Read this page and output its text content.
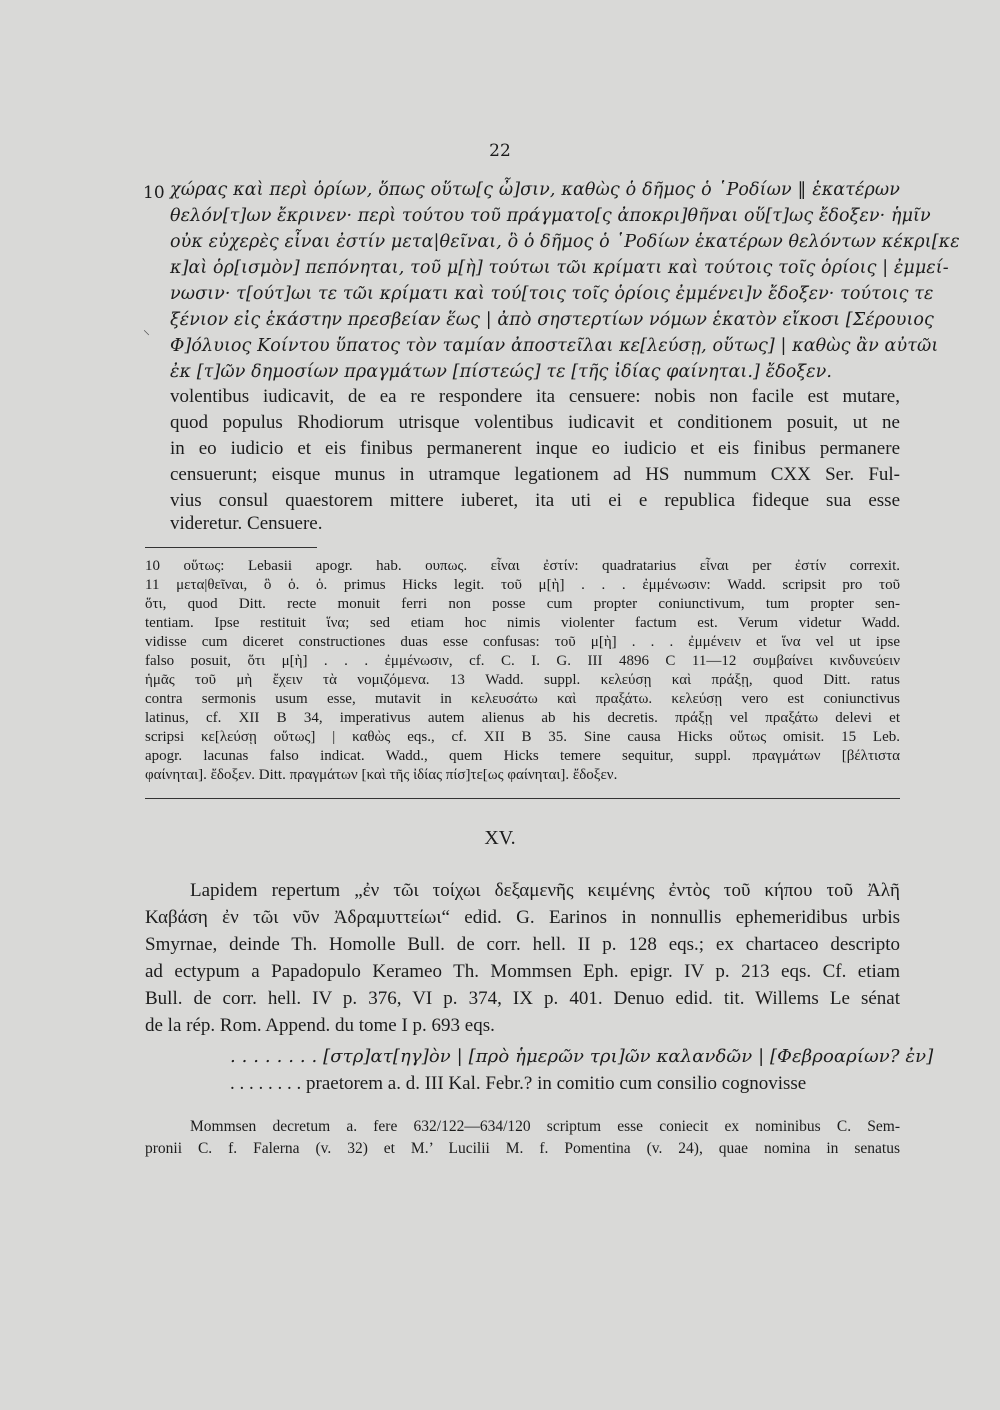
22
⸌
10 χώρας καὶ περὶ ὁρίων, ὅπως οὕτω[ς ὦ]σιν, καθὼς ὁ δῆμος ὁ ῾Ροδίων ‖ ἑκατέρων
θελόν[τ]ων ἔκρινεν· περὶ τούτου τοῦ πράγματο[ς ἀποκρι]θῆναι οὕ[τ]ως ἔδοξεν· ἡμῖν
οὐκ εὐχερὲς εἶναι ἐστίν μετα|θεῖναι, ὃ ὁ δῆμος ὁ ῾Ροδίων ἑκατέρων θελόντων κέκρι[κε
κ]αὶ ὁρ[ισμὸν] πεπόνηται, τοῦ μ[ὴ] τούτωι τῶι κρίματι καὶ τούτοις τοῖς ὁρίοις | ἐμμεί-
νωσιν· τ[ούτ]ωι τε τῶι κρίματι καὶ τού[τοις τοῖς ὁρίοις ἐμμένει]ν ἔδοξεν· τούτοις τε
ξένιον εἰς ἑκάστην πρεσβείαν ἕως | ἀπὸ σηστερτίων νόμων ἑκατὸν εἴκοσι [Σέρουιος
Φ]όλυιος Κοίντου ὕπατος τὸν ταμίαν ἀποστεῖλαι κε[λεύσῃ, οὕτως] | καθὼς ἂν αὐτῶι
ἐκ [τ]ῶν δημοσίων πραγμάτων [πίστεώς] τε [τῆς ἰδίας φαίνηται.] ἔδοξεν.
volentibus iudicavit, de ea re respondere ita censuere: nobis non facile est mutare,
quod populus Rhodiorum utrisque volentibus iudicavit et conditionem posuit, ut ne
in eo iudicio et eis finibus permanerent inque eo iudicio et eis finibus permanere
censuerunt; eisque munus in utramque legationem ad HS nummum CXX Ser. Ful-
vius consul quaestorem mittere iuberet, ita uti ei e republica fideque sua esse
videretur. Censuere.
10 οὕτως: Lebasii apogr. hab. ουπως. εἶναι ἐστίν: quadratarius εἶναι per ἐστίν correxit.
11 μετα|θεῖναι, ὃ ὁ. ὁ. primus Hicks legit. τοῦ μ[ὴ] . . . ἐμμένωσιν: Wadd. scripsit pro τοῦ
ὅτι, quod Ditt. recte monuit ferri non posse cum propter coniunctivum, tum propter sen-
tentiam. Ipse restituit ἵνα; sed etiam hoc nimis violenter factum est. Verum videtur Wadd.
vidisse cum diceret constructiones duas esse confusas: τοῦ μ[ὴ] . . . ἐμμένειν et ἵνα vel ut ipse
falso posuit, ὅτι μ[ὴ] . . . ἐμμένωσιν, cf. C. I. G. III 4896 C 11—12 συμβαίνει κινδυνεύειν
ἡμᾶς τοῦ μὴ ἔχειν τὰ νομιζόμενα. 13 Wadd. suppl. κελεύσῃ καὶ πράξῃ, quod Ditt. ratus
contra sermonis usum esse, mutavit in κελευσάτω καὶ πραξάτω. κελεύσῃ vero est coniunctivus
latinus, cf. XII B 34, imperativus autem alienus ab his decretis. πράξῃ vel πραξάτω delevi et
scripsi κε[λεύσῃ οὕτως] | καθὼς eqs., cf. XII B 35. Sine causa Hicks οὕτως omisit. 15 Leb.
apogr. lacunas falso indicat. Wadd., quem Hicks temere sequitur, suppl. πραγμάτων [βέλτιστα
φαίνηται]. ἔδοξεν. Ditt. πραγμάτων [καὶ τῆς ἰδίας πίσ]τε[ως φαίνηται]. ἔδοξεν.
XV.
Lapidem repertum „ἐν τῶι τοίχωι δεξαμενῆς κειμένης ἐντὸς τοῦ κήπου τοῦ Ἀλῆ
Καβάση ἐν τῶι νῦν Ἀδραμυττείωι“ edid. G. Earinos in nonnullis ephemeridibus urbis
Smyrnae, deinde Th. Homolle Bull. de corr. hell. II p. 128 eqs.; ex chartaceo descripto
ad ectypum a Papadopulo Kerameo Th. Mommsen Eph. epigr. IV p. 213 eqs. Cf. etiam
Bull. de corr. hell. IV p. 376, VI p. 374, IX p. 401. Denuo edid. tit. Willems Le sénat
de la rép. Rom. Append. du tome I p. 693 eqs.
. . . . . . . . [στρ]ατ[ηγ]ὸν | [πρὸ ἡμερῶν τρι]ῶν καλανδῶν | [Φεβροαρίων? ἐν]
. . . . . . . . praetorem a. d. III Kal. Febr.? in comitio cum consilio cognovisse
Mommsen decretum a. fere 632/122—634/120 scriptum esse coniecit ex nominibus C. Sem-
pronii C. f. Falerna (v. 32) et M.’ Lucilii M. f. Pomentina (v. 24), quae nomina in senatus
